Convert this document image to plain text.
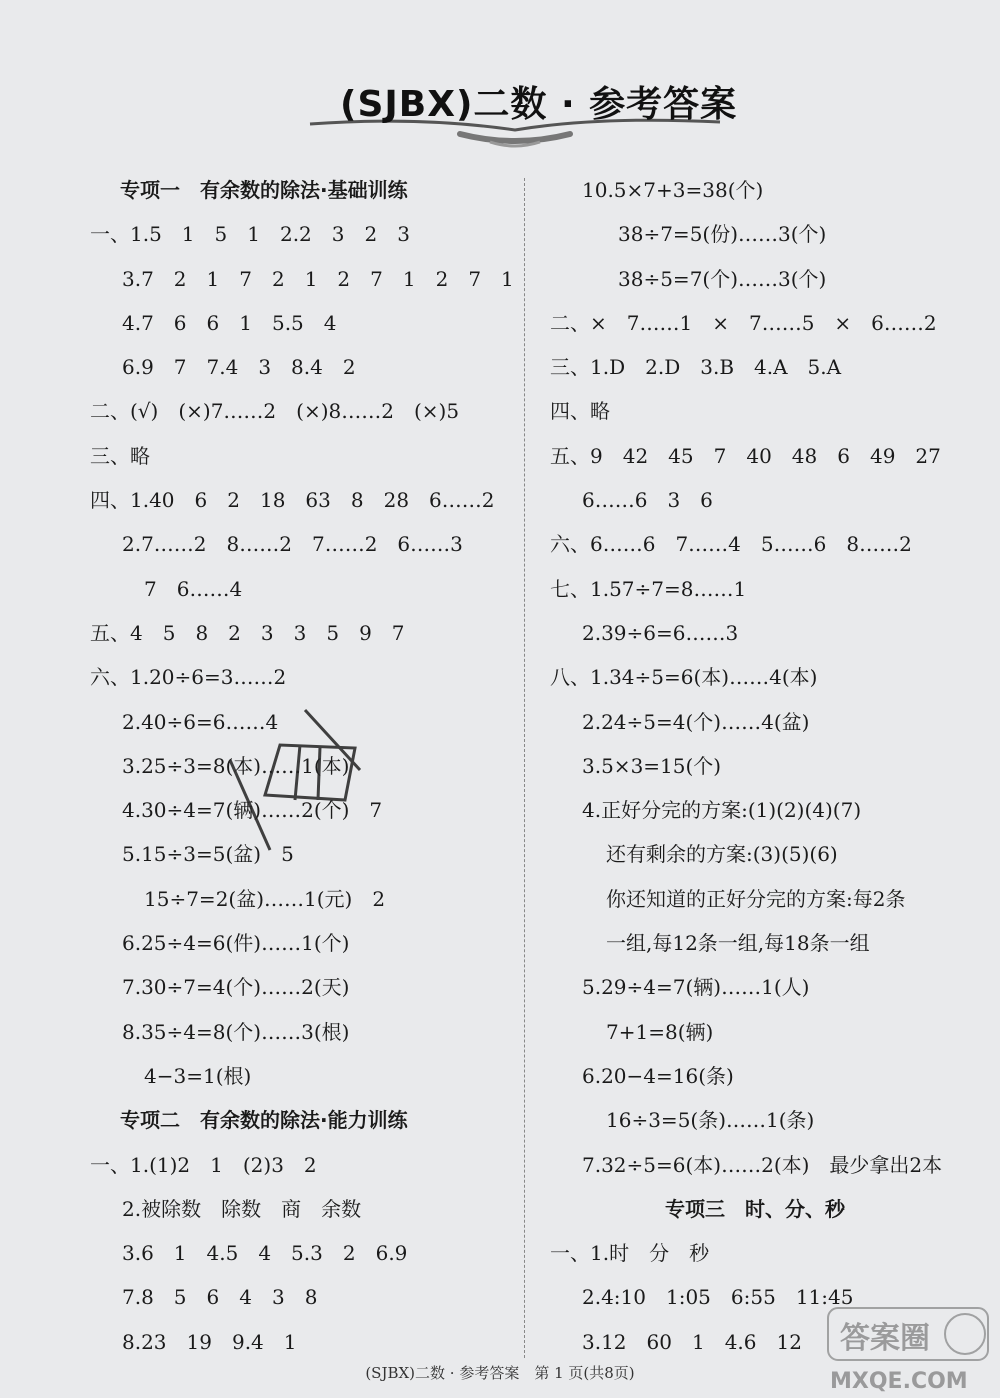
(SJBX)二数 · 参考答案
专项一　有余数的除法·基础训练
一、1.5　1　5　1　2.2　3　2　3
3.7　2　1　7　2　1　2　7　1　2　7　1
4.7　6　6　1　5.5　4
6.9　7　7.4　3　8.4　2
二、(√)　(×)7……2　(×)8……2　(×)5
三、略
四、1.40　6　2　18　63　8　28　6……2
2.7……2　8……2　7……2　6……3
7　6……4
五、4　5　8　2　3　3　5　9　7
六、1.20÷6=3……2
2.40÷6=6……4
3.25÷3=8(本)……1(本)
4.30÷4=7(辆)……2(个)　7
5.15÷3=5(盆)　5
15÷7=2(盆)……1(元)　2
6.25÷4=6(件)……1(个)
7.30÷7=4(个)……2(天)
8.35÷4=8(个)……3(根)
4−3=1(根)
专项二　有余数的除法·能力训练
一、1.(1)2　1　(2)3　2
2.被除数　除数　商　余数
3.6　1　4.5　4　5.3　2　6.9
7.8　5　6　4　3　8
8.23　19　9.4　1
10.5×7+3=38(个)
38÷7=5(份)……3(个)
38÷5=7(个)……3(个)
二、×　7……1　×　7……5　×　6……2
三、1.D　2.D　3.B　4.A　5.A
四、略
五、9　42　45　7　40　48　6　49　27
6……6　3　6
六、6……6　7……4　5……6　8……2
七、1.57÷7=8……1
2.39÷6=6……3
八、1.34÷5=6(本)……4(本)
2.24÷5=4(个)……4(盆)
3.5×3=15(个)
4.正好分完的方案:(1)(2)(4)(7)
还有剩余的方案:(3)(5)(6)
你还知道的正好分完的方案:每2条
一组,每12条一组,每18条一组
5.29÷4=7(辆)……1(人)
7+1=8(辆)
6.20−4=16(条)
16÷3=5(条)……1(条)
7.32÷5=6(本)……2(本)　最少拿出2本
专项三　时、分、秒
一、1.时　分　秒
2.4:10　1:05　6:55　11:45
3.12　60　1　4.6　12
(SJBX)二数 · 参考答案　第 1 页(共8页)
答案圈
MXQE.COM
